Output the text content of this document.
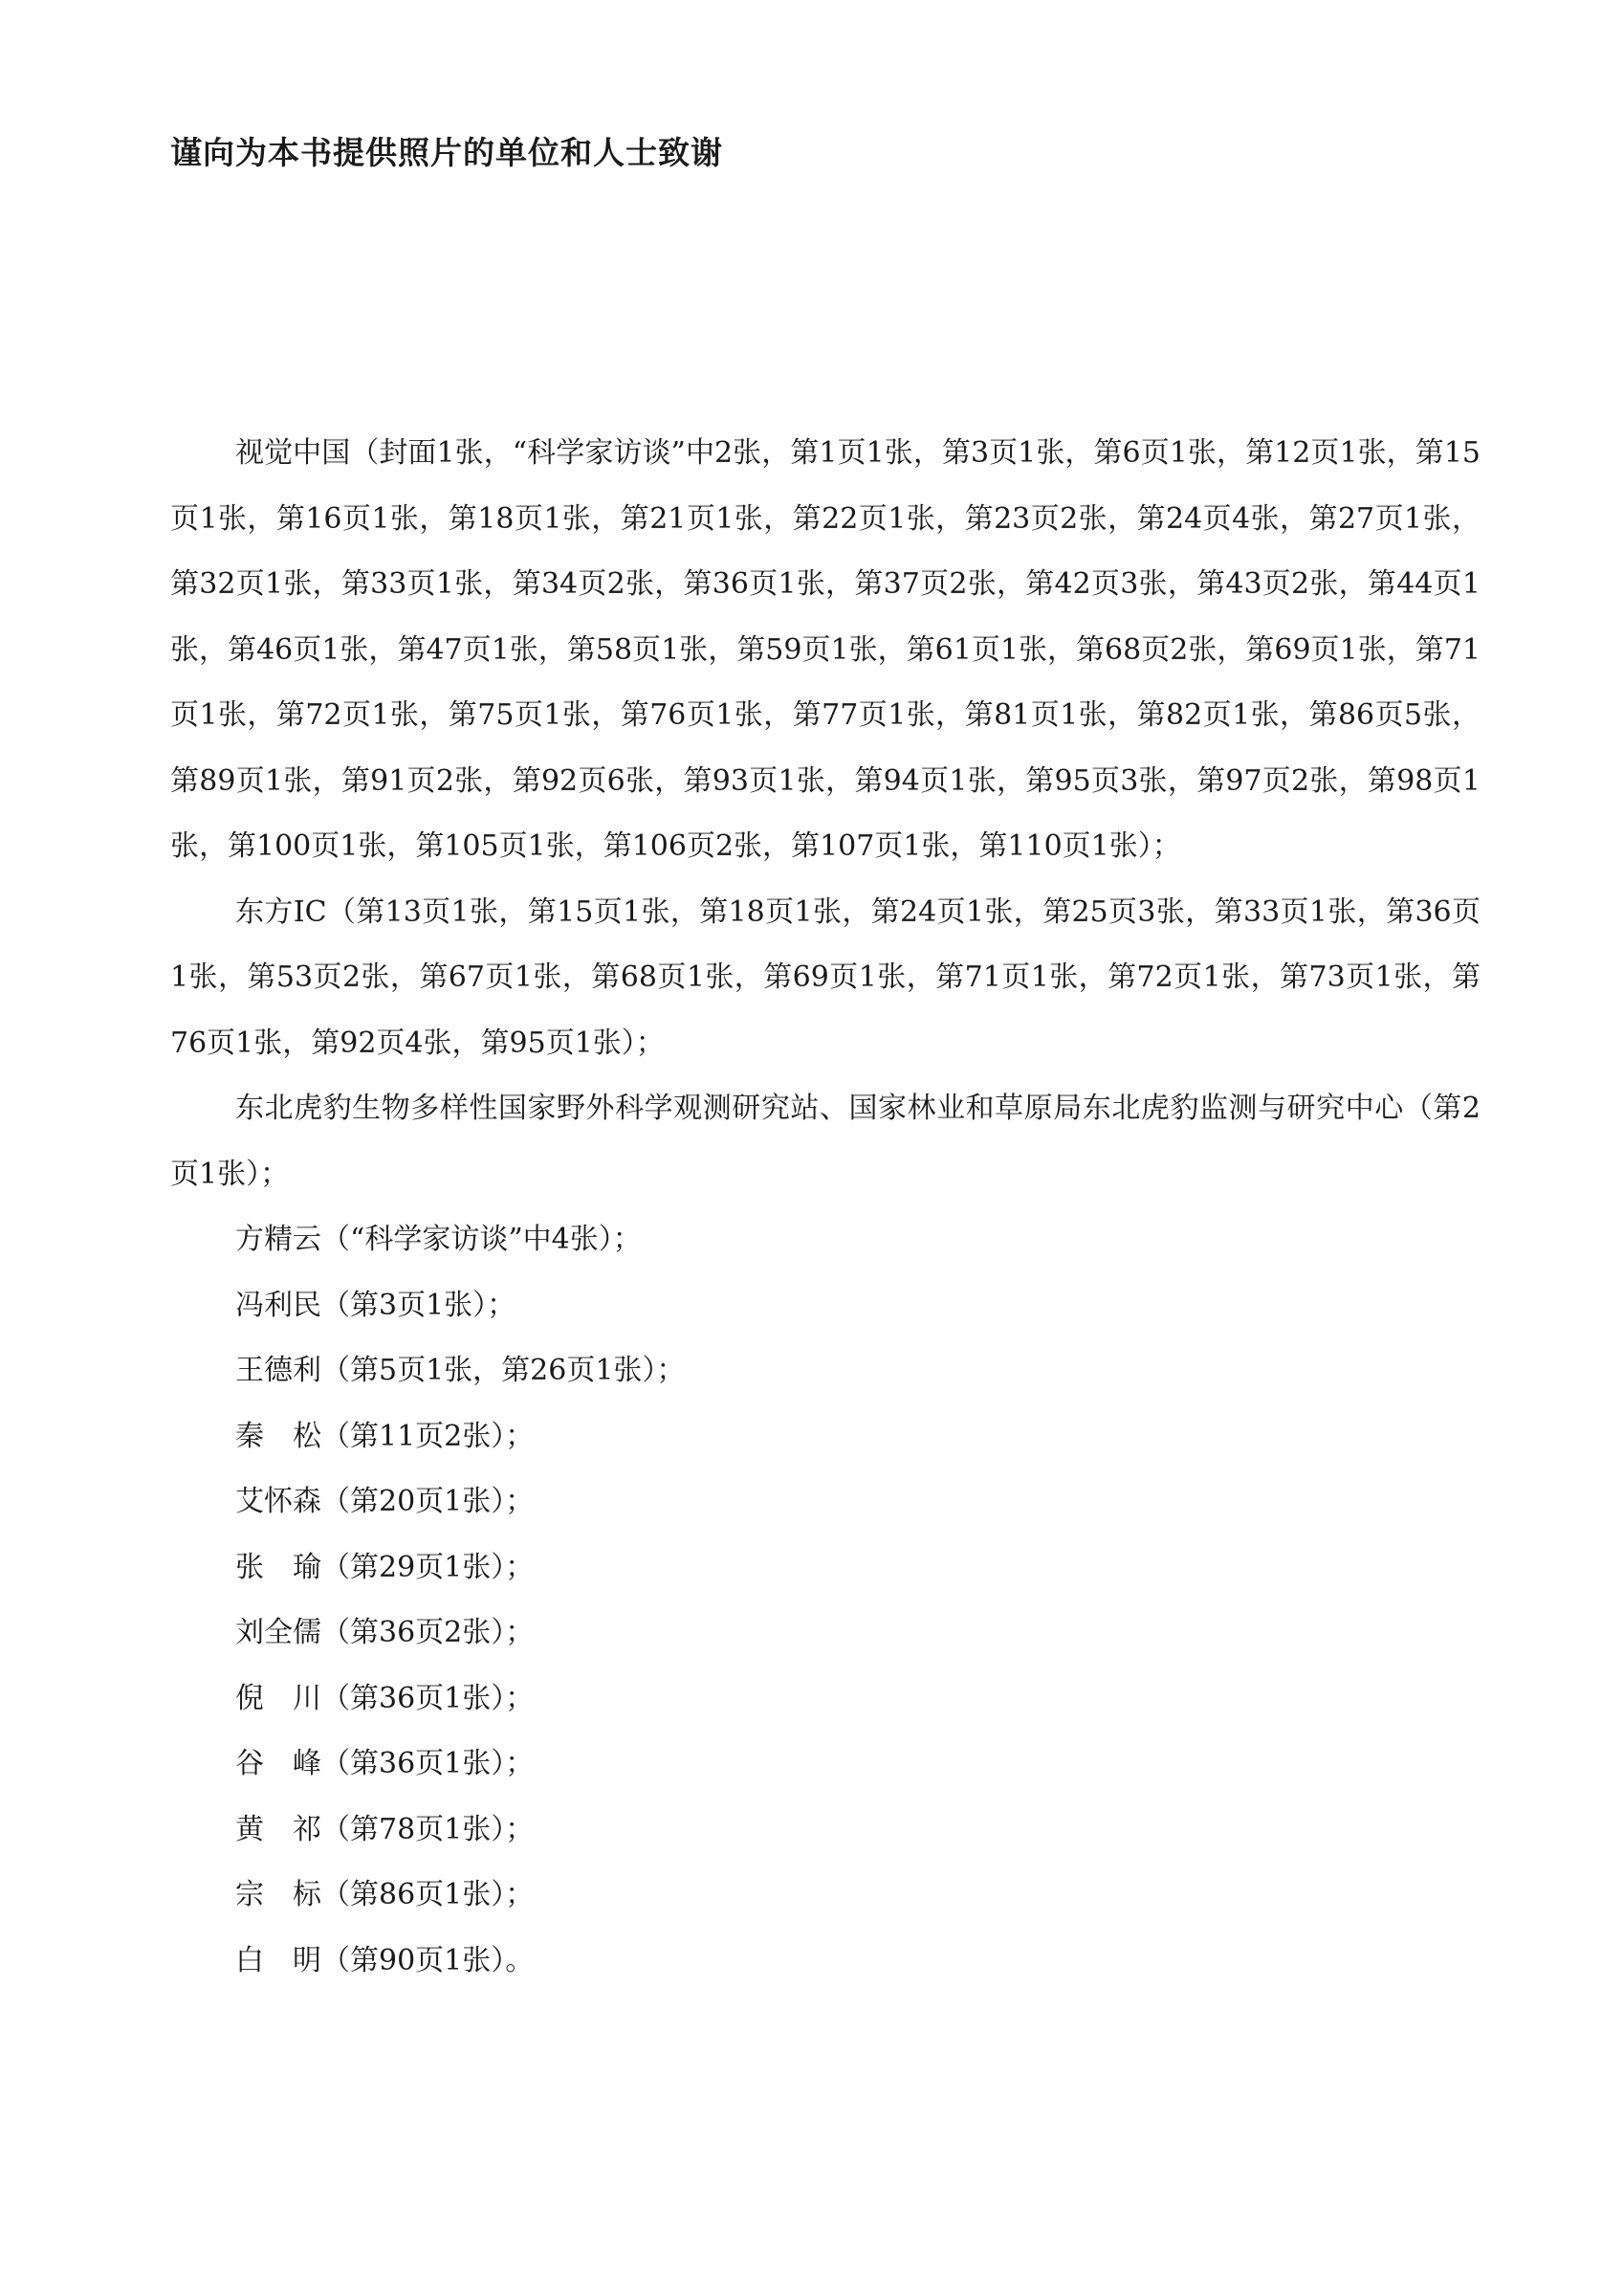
谨向为本书提供照片的单位和人士致谢

视觉中国（封面1张，“科学家访谈”中2张，第1页1张，第3页1张，第6页1张，第12页1张，第15页1张，第16页1张，第18页1张，第21页1张，第22页1张，第23页2张，第24页4张，第27页1张，第32页1张，第33页1张，第34页2张，第36页1张，第37页2张，第42页3张，第43页2张，第44页1张，第46页1张，第47页1张，第58页1张，第59页1张，第61页1张，第68页2张，第69页1张，第71页1张，第72页1张，第75页1张，第76页1张，第77页1张，第81页1张，第82页1张，第86页5张，第89页1张，第91页2张，第92页6张，第93页1张，第94页1张，第95页3张，第97页2张，第98页1张，第100页1张，第105页1张，第106页2张，第107页1张，第110页1张）；

东方IC（第13页1张，第15页1张，第18页1张，第24页1张，第25页3张，第33页1张，第36页1张，第53页2张，第67页1张，第68页1张，第69页1张，第71页1张，第72页1张，第73页1张，第76页1张，第92页4张，第95页1张）；

东北虎豹生物多样性国家野外科学观测研究站、国家林业和草原局东北虎豹监测与研究中心（第2页1张）；

方精云（“科学家访谈”中4张）；

冯利民（第3页1张）；

王德利（第5页1张，第26页1张）；

秦　松（第11页2张）；

艾怀森（第20页1张）；

张　瑜（第29页1张）；

刘全儒（第36页2张）；

倪　川（第36页1张）；

谷　峰（第36页1张）；

黄　祁（第78页1张）；

宗　标（第86页1张）；

白　明（第90页1张）。
